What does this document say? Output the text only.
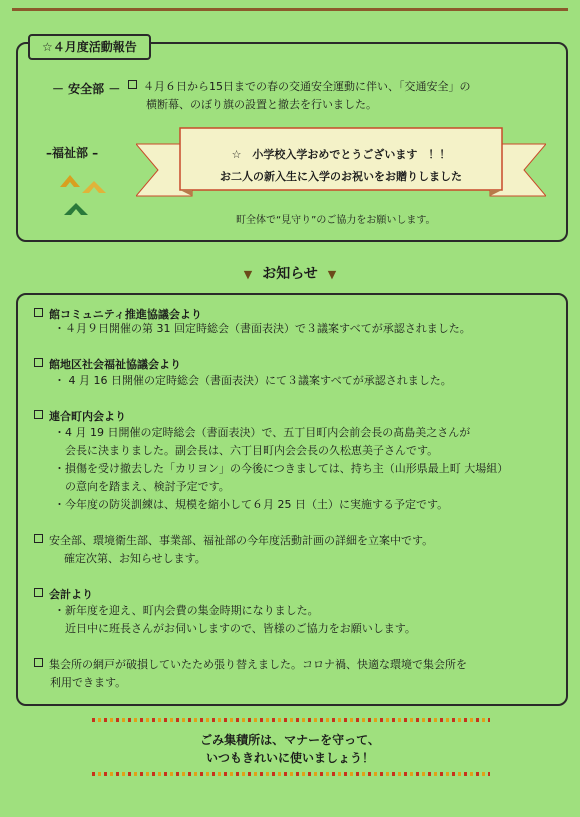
☆４月度活動報告
－ 安全部 －	４月６日から15日までの春の交通安全運動に伴い、「交通安全」の
横断幕、のぼり旗の設置と撤去を行いました。
–福祉部 –	☆　小学校入学おめでとうございます　！！
お二人の新入生に入学のお祝いをお贈りしました
町全体で“見守り”のご協力をお願いします。
▼ お知らせ ▼
館コミュニティ推進協議会より
・４月９日開催の第 31 回定時総会（書面表決）で３議案すべてが承認されました。
館地区社会福祉協議会より
・ 4 月 16 日開催の定時総会（書面表決）にて３議案すべてが承認されました。
連合町内会より
・4 月 19 日開催の定時総会（書面表決）で、五丁目町内会前会長の髙島美之さんが
　会長に決まりました。副会長は、六丁目町内会会長の久松恵美子さんです。
・損傷を受け撤去した「カリヨン」の今後につきましては、持ち主（山形県最上町 大場組）
　の意向を踏まえ、検討予定です。
・今年度の防災訓練は、規模を縮小して６月 25 日（土）に実施する予定です。
安全部、環境衛生部、事業部、福祉部の今年度活動計画の詳細を立案中です。
確定次第、お知らせします。
会計より
・新年度を迎え、町内会費の集金時期になりました。
　近日中に班長さんがお伺いしますので、皆様のご協力をお願いします。
集会所の網戸が破損していたため張り替えました。コロナ禍、快適な環境で集会所を
利用できます。
ごみ集積所は、マナーを守って、
いつもきれいに使いましょう！
